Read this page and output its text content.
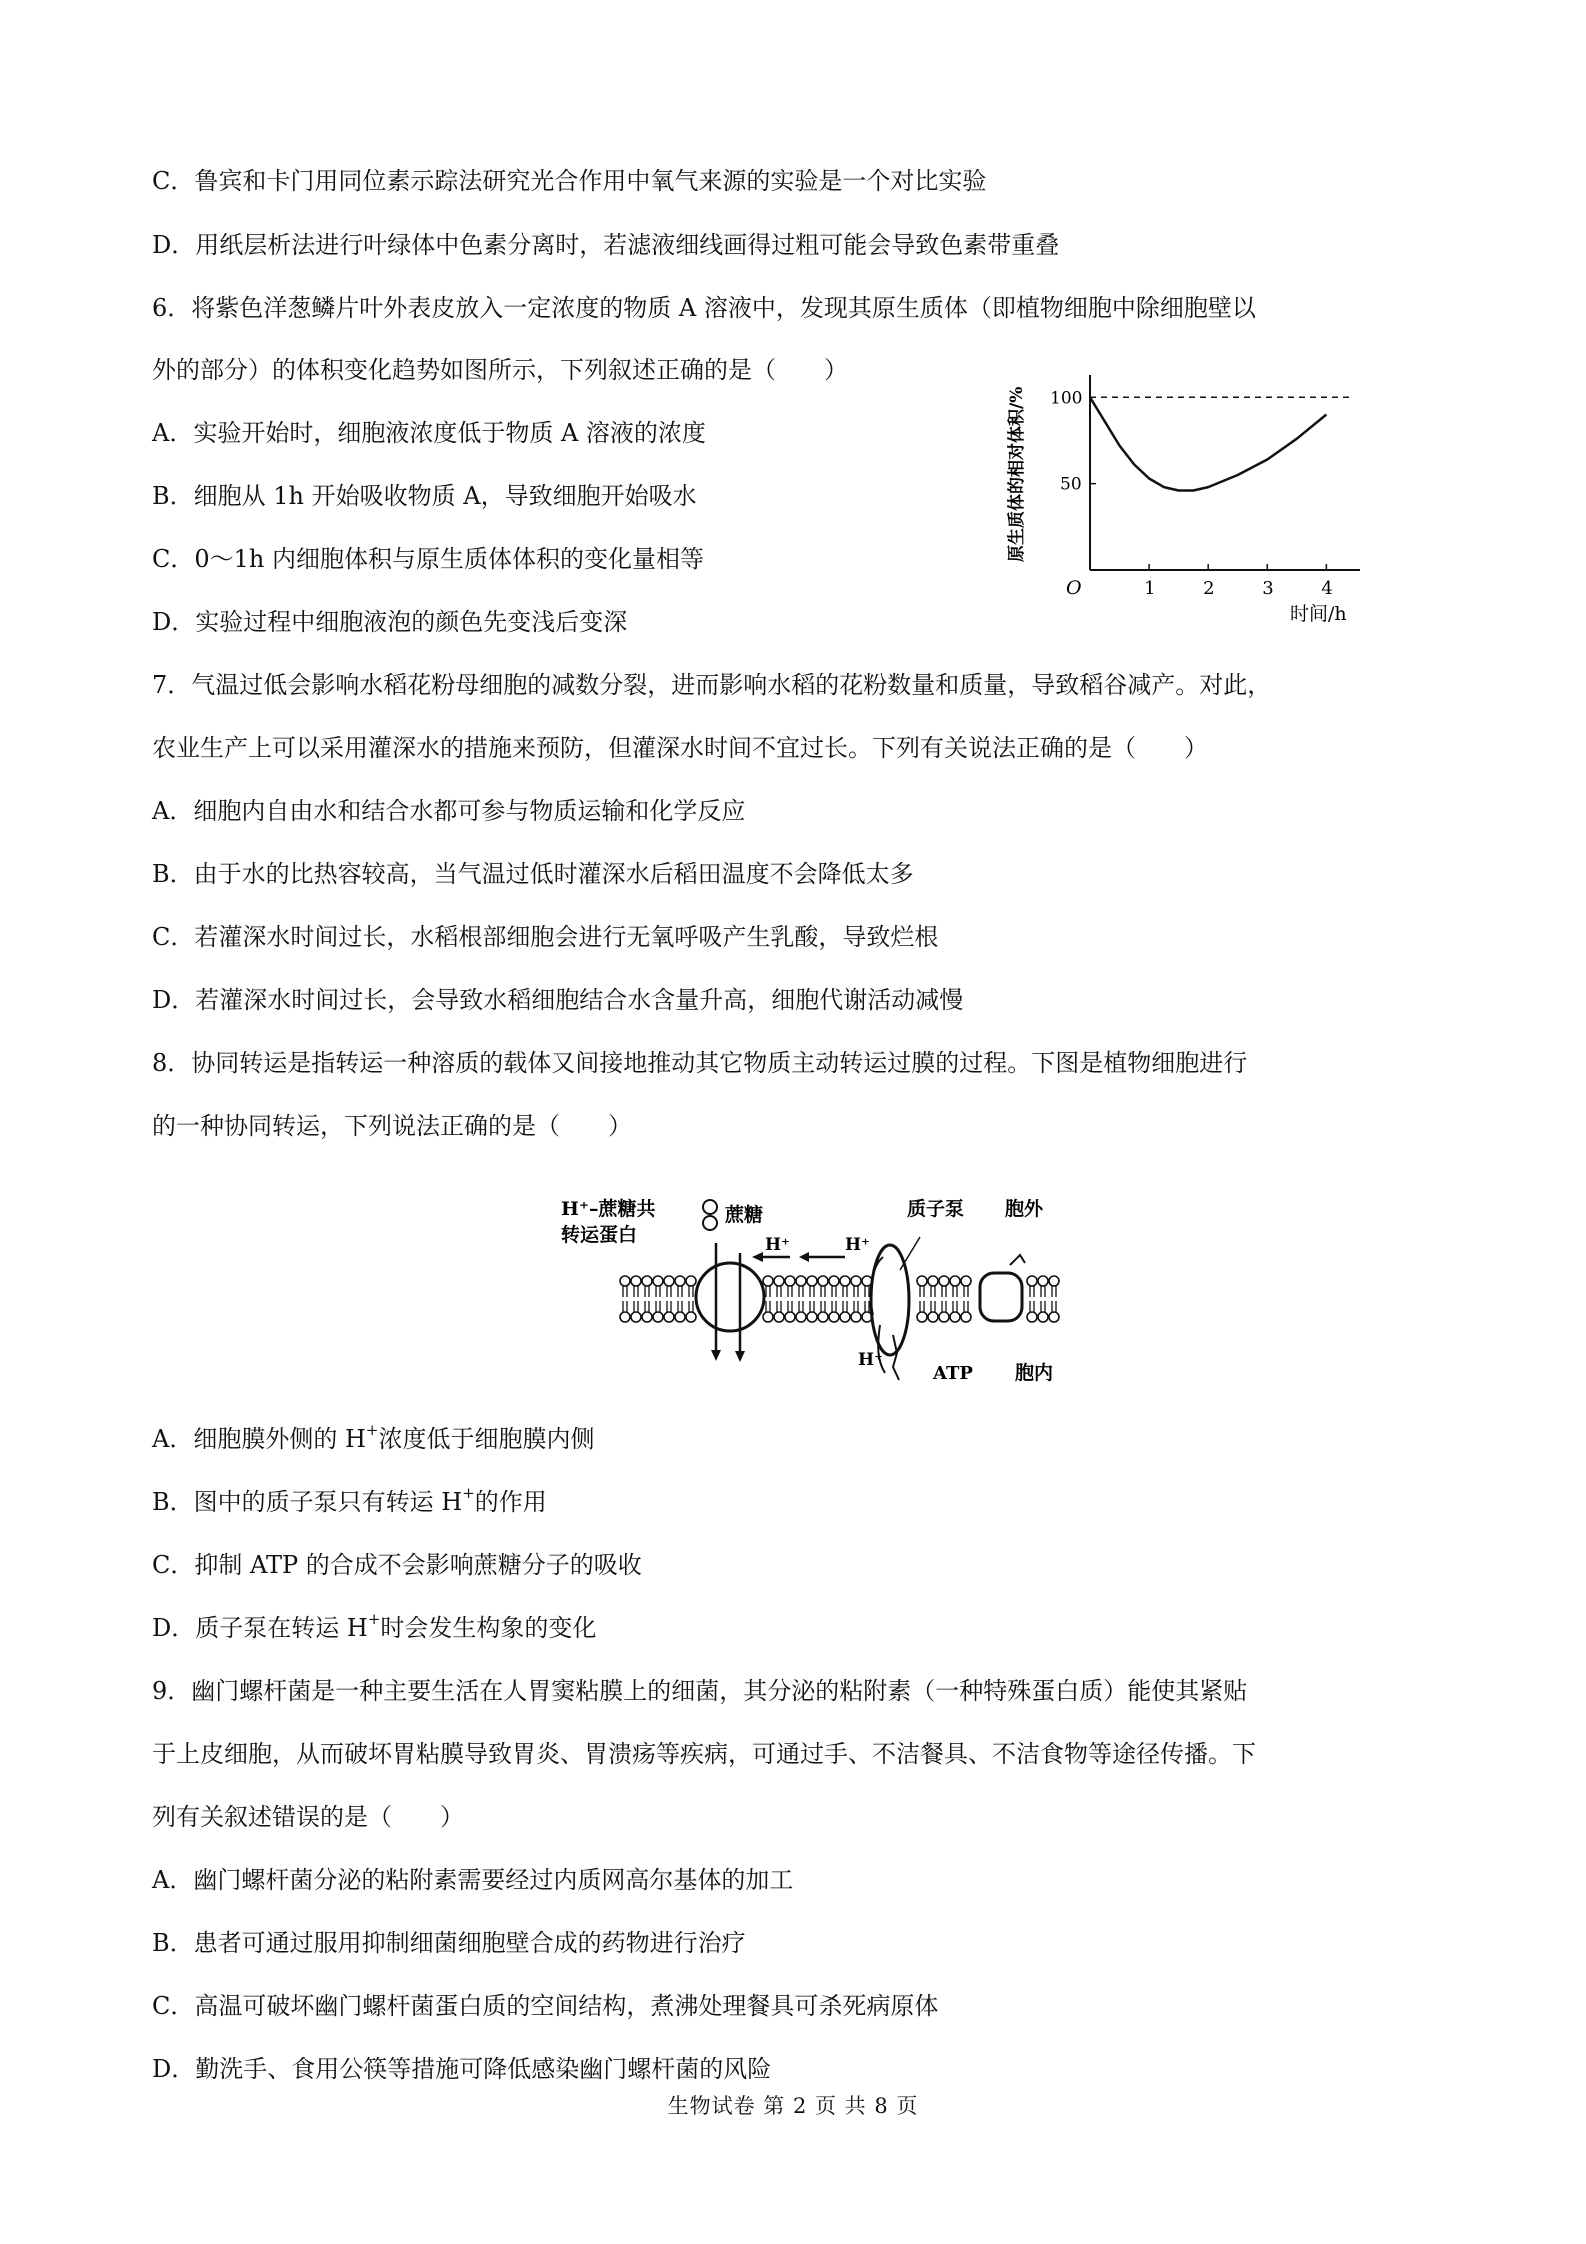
C．鲁宾和卡门用同位素示踪法研究光合作用中氧气来源的实验是一个对比实验
D．用纸层析法进行叶绿体中色素分离时，若滤液细线画得过粗可能会导致色素带重叠
6．将紫色洋葱鳞片叶外表皮放入一定浓度的物质 A 溶液中，发现其原生质体（即植物细胞中除细胞壁以
外的部分）的体积变化趋势如图所示，下列叙述正确的是（　　）
A．实验开始时，细胞液浓度低于物质 A 溶液的浓度
B．细胞从 1h 开始吸收物质 A，导致细胞开始吸水
C．0～1h 内细胞体积与原生质体体积的变化量相等
D．实验过程中细胞液泡的颜色先变浅后变深
1	2	3	4
50
100
O
原生质体的相对体积/%
时间/h
7．气温过低会影响水稻花粉母细胞的减数分裂，进而影响水稻的花粉数量和质量，导致稻谷减产。对此，
农业生产上可以采用灌深水的措施来预防，但灌深水时间不宜过长。下列有关说法正确的是（　　）
A．细胞内自由水和结合水都可参与物质运输和化学反应
B．由于水的比热容较高，当气温过低时灌深水后稻田温度不会降低太多
C．若灌深水时间过长，水稻根部细胞会进行无氧呼吸产生乳酸，导致烂根
D．若灌深水时间过长，会导致水稻细胞结合水含量升高，细胞代谢活动减慢
8．协同转运是指转运一种溶质的载体又间接地推动其它物质主动转运过膜的过程。下图是植物细胞进行
的一种协同转运，下列说法正确的是（　　）
H⁺–蔗糖共
转运蛋白
蔗糖
H⁺	H⁺
质子泵 胞外
H⁺
ATP 胞内
A．细胞膜外侧的 H+浓度低于细胞膜内侧
B．图中的质子泵只有转运 H+的作用
C．抑制 ATP 的合成不会影响蔗糖分子的吸收
D．质子泵在转运 H+时会发生构象的变化
9．幽门螺杆菌是一种主要生活在人胃窦粘膜上的细菌，其分泌的粘附素（一种特殊蛋白质）能使其紧贴
于上皮细胞，从而破坏胃粘膜导致胃炎、胃溃疡等疾病，可通过手、不洁餐具、不洁食物等途径传播。下
列有关叙述错误的是（　　）
A．幽门螺杆菌分泌的粘附素需要经过内质网高尔基体的加工
B．患者可通过服用抑制细菌细胞壁合成的药物进行治疗
C．高温可破坏幽门螺杆菌蛋白质的空间结构，煮沸处理餐具可杀死病原体
D．勤洗手、食用公筷等措施可降低感染幽门螺杆菌的风险
生物试卷 第 2 页 共 8 页
